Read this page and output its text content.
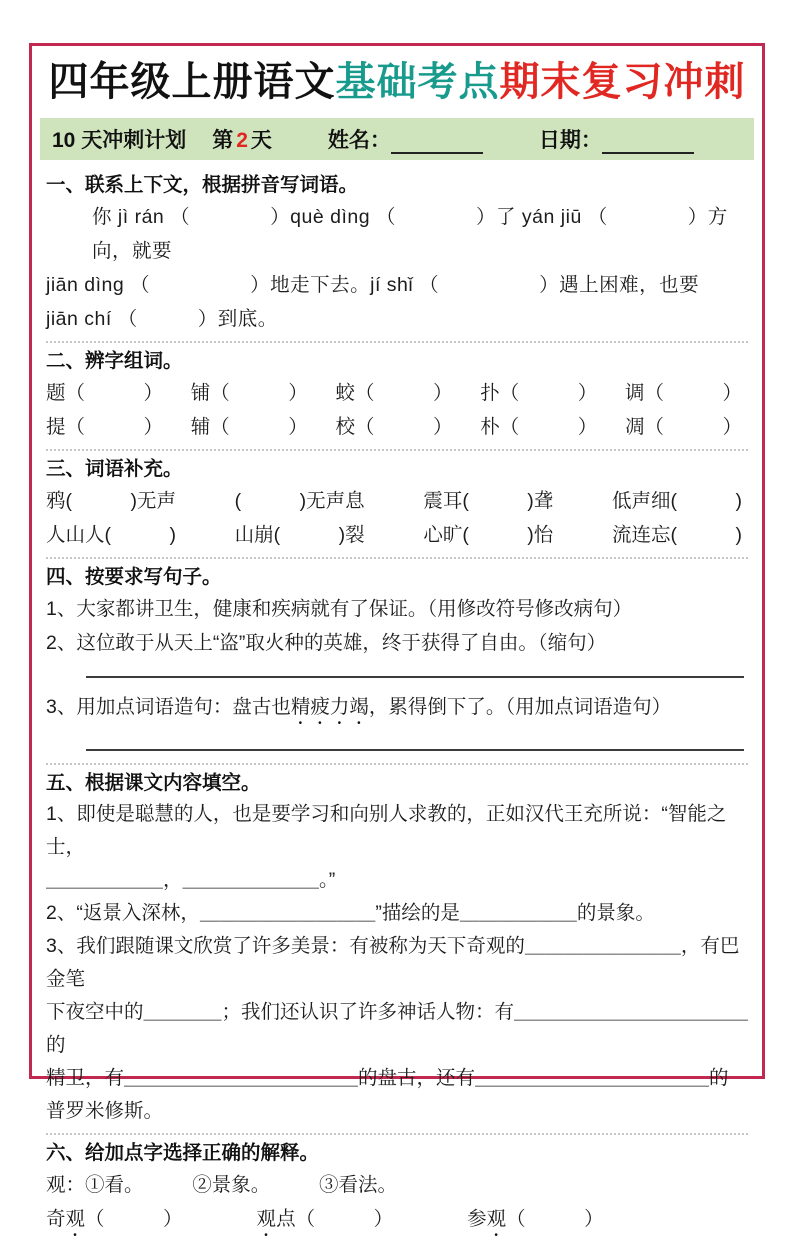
四年级上册语文基础考点期末复习冲刺
10 天冲刺计划 第 2 天	姓名：	日期：
一、联系上下文，根据拼音写词语。
你 jì rán （　　　　）què dìng （　　　　）了 yán jiū （　　　　）方向，就要
jiān dìng （　　　　　）地走下去。jí shǐ （　　　　　）遇上困难，也要
jiān chí （　　　）到底。
二、辨字组词。
题（　　　） 铺（　　　） 蛟（　　　） 扑（　　　） 调（　　　）
提（　　　） 辅（　　　） 校（　　　） 朴（　　　） 凋（　　　）
三、词语补充。
鸦(　　　)无声	(　　　)无声息	震耳(　　　)聋	低声细(　　　)
人山人(　　　)	山崩(　　　)裂	心旷(　　　)怡	流连忘(　　　)
四、按要求写句子。
1、大家都讲卫生，健康和疾病就有了保证。（用修改符号修改病句）
2、这位敢于从天上“盗”取火种的英雄，终于获得了自由。（缩句）
3、用加点词语造句：盘古也精疲力竭，累得倒下了。（用加点词语造句）
五、根据课文内容填空。
1、即使是聪慧的人，也是要学习和向别人求教的，正如汉代王充所说：“智能之士，
＿＿＿＿＿＿，＿＿＿＿＿＿＿。”
2、“返景入深林，＿＿＿＿＿＿＿＿＿”描绘的是＿＿＿＿＿＿的景象。
3、我们跟随课文欣赏了许多美景：有被称为天下奇观的＿＿＿＿＿＿＿＿，有巴金笔
下夜空中的＿＿＿＿；我们还认识了许多神话人物：有＿＿＿＿＿＿＿＿＿＿＿＿的
精卫，有＿＿＿＿＿＿＿＿＿＿＿＿的盘古，还有＿＿＿＿＿＿＿＿＿＿＿＿的
普罗米修斯。
六、给加点字选择正确的解释。
观：①看。　　　②景象。　　　③看法。
奇观（　　　）	观点（　　　）	参观（　　　）
